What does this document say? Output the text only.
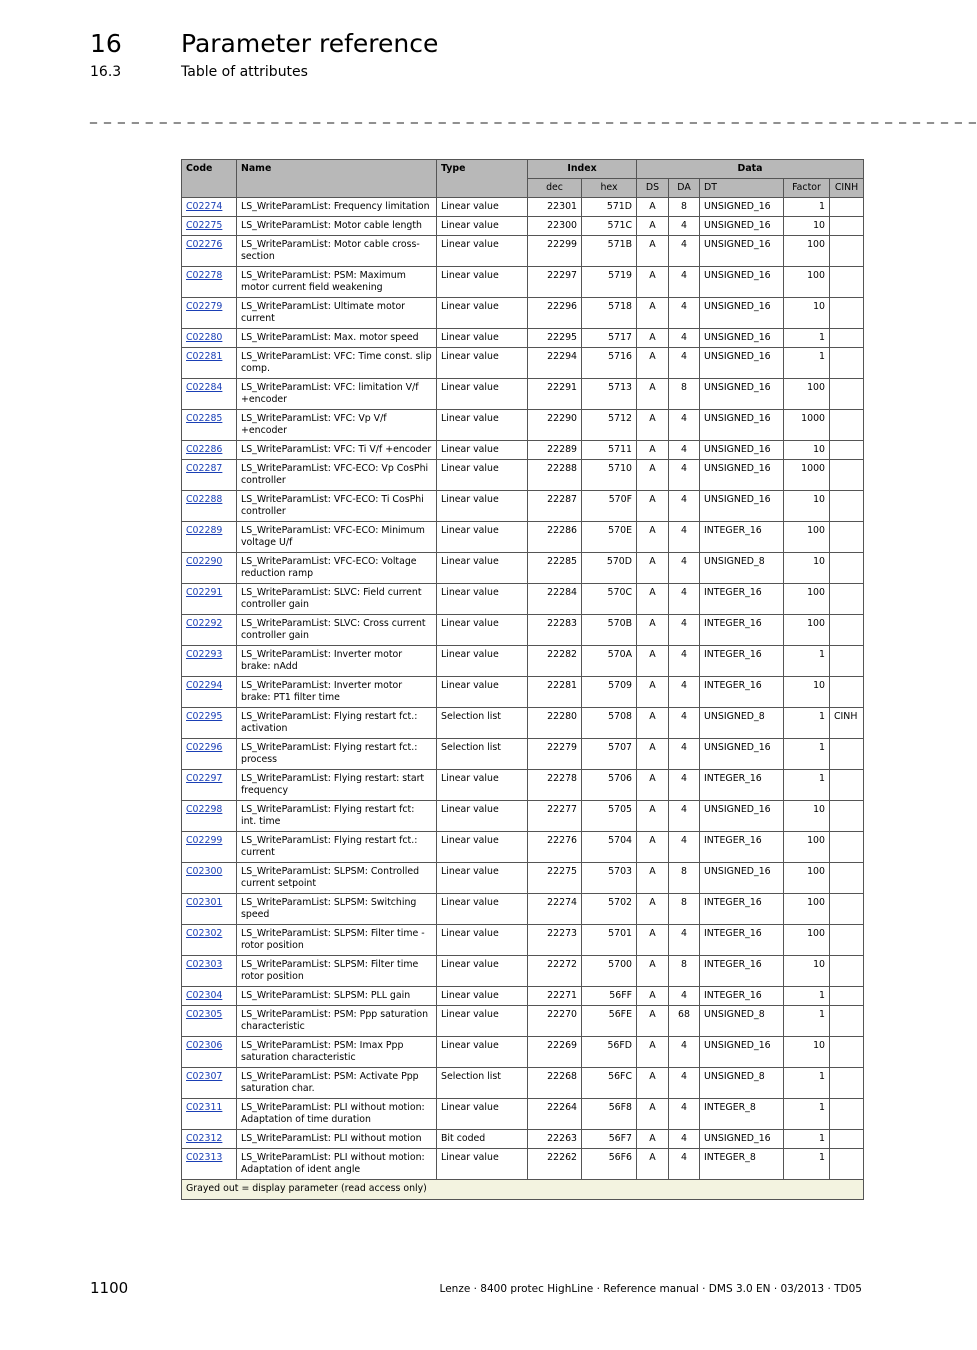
16 Parameter reference
16.3	Table of attributes
_ _ _ _ _ _ _ _ _ _ _ _ _ _ _ _ _ _ _ _ _ _ _ _ _ _ _ _ _ _ _ _ _ _ _ _ _ _ _ _ _ _ _ _ _ _ _ _ _ _ _ _ _ _ _ _ _ _ _ _ _ _ _ _
Code	Name	Type	Index		Data				
			dec	hex	DS	DA	DT	Factor	CINH
C02274	LS_WriteParamList: Frequency limitation	Linear value	22301	571D	A	8	UNSIGNED_16	1	
C02275	LS_WriteParamList: Motor cable length	Linear value	22300	571C	A	4	UNSIGNED_16	10	
C02276	LS_WriteParamList: Motor cable cross-section	Linear value	22299	571B	A	4	UNSIGNED_16	100	
C02278	LS_WriteParamList: PSM: Maximum motor current field weakening	Linear value	22297	5719	A	4	UNSIGNED_16	100	
C02279	LS_WriteParamList: Ultimate motor current	Linear value	22296	5718	A	4	UNSIGNED_16	10	
C02280	LS_WriteParamList: Max. motor speed	Linear value	22295	5717	A	4	UNSIGNED_16	1	
C02281	LS_WriteParamList: VFC: Time const. slip comp.	Linear value	22294	5716	A	4	UNSIGNED_16	1	
C02284	LS_WriteParamList: VFC: limitation V/f +encoder	Linear value	22291	5713	A	8	UNSIGNED_16	100	
C02285	LS_WriteParamList: VFC: Vp V/f +encoder	Linear value	22290	5712	A	4	UNSIGNED_16	1000	
C02286	LS_WriteParamList: VFC: Ti V/f +encoder	Linear value	22289	5711	A	4	UNSIGNED_16	10	
C02287	LS_WriteParamList: VFC-ECO: Vp CosPhi controller	Linear value	22288	5710	A	4	UNSIGNED_16	1000	
C02288	LS_WriteParamList: VFC-ECO: Ti CosPhi controller	Linear value	22287	570F	A	4	UNSIGNED_16	10	
C02289	LS_WriteParamList: VFC-ECO: Minimum voltage U/f	Linear value	22286	570E	A	4	INTEGER_16	100	
C02290	LS_WriteParamList: VFC-ECO: Voltage reduction ramp	Linear value	22285	570D	A	4	UNSIGNED_8	10	
C02291	LS_WriteParamList: SLVC: Field current controller gain	Linear value	22284	570C	A	4	INTEGER_16	100	
C02292	LS_WriteParamList: SLVC: Cross current controller gain	Linear value	22283	570B	A	4	INTEGER_16	100	
C02293	LS_WriteParamList: Inverter motor brake: nAdd	Linear value	22282	570A	A	4	INTEGER_16	1	
C02294	LS_WriteParamList: Inverter motor brake: PT1 filter time	Linear value	22281	5709	A	4	INTEGER_16	10	
C02295	LS_WriteParamList: Flying restart fct.: activation	Selection list	22280	5708	A	4	UNSIGNED_8	1	CINH
C02296	LS_WriteParamList: Flying restart fct.: process	Selection list	22279	5707	A	4	UNSIGNED_16	1	
C02297	LS_WriteParamList: Flying restart: start frequency	Linear value	22278	5706	A	4	INTEGER_16	1	
C02298	LS_WriteParamList: Flying restart fct: int. time	Linear value	22277	5705	A	4	UNSIGNED_16	10	
C02299	LS_WriteParamList: Flying restart fct.: current	Linear value	22276	5704	A	4	INTEGER_16	100	
C02300	LS_WriteParamList: SLPSM: Controlled current setpoint	Linear value	22275	5703	A	8	UNSIGNED_16	100	
C02301	LS_WriteParamList: SLPSM: Switching speed	Linear value	22274	5702	A	8	INTEGER_16	100	
C02302	LS_WriteParamList: SLPSM: Filter time - rotor position	Linear value	22273	5701	A	4	INTEGER_16	100	
C02303	LS_WriteParamList: SLPSM: Filter time rotor position	Linear value	22272	5700	A	8	INTEGER_16	10	
C02304	LS_WriteParamList: SLPSM: PLL gain	Linear value	22271	56FF	A	4	INTEGER_16	1	
C02305	LS_WriteParamList: PSM: Ppp saturation characteristic	Linear value	22270	56FE	A	68	UNSIGNED_8	1	
C02306	LS_WriteParamList: PSM: Imax Ppp saturation characteristic	Linear value	22269	56FD	A	4	UNSIGNED_16	10	
C02307	LS_WriteParamList: PSM: Activate Ppp saturation char.	Selection list	22268	56FC	A	4	UNSIGNED_8	1	
C02311	LS_WriteParamList: PLI without motion: Adaptation of time duration	Linear value	22264	56F8	A	4	INTEGER_8	1	
C02312	LS_WriteParamList: PLI without motion	Bit coded	22263	56F7	A	4	UNSIGNED_16	1	
C02313	LS_WriteParamList: PLI without motion: Adaptation of ident angle	Linear value	22262	56F6	A	4	INTEGER_8	1	
Grayed out = display parameter (read access only)									
1100	Lenze · 8400 protec HighLine · Reference manual · DMS 3.0 EN · 03/2013 · TD05
